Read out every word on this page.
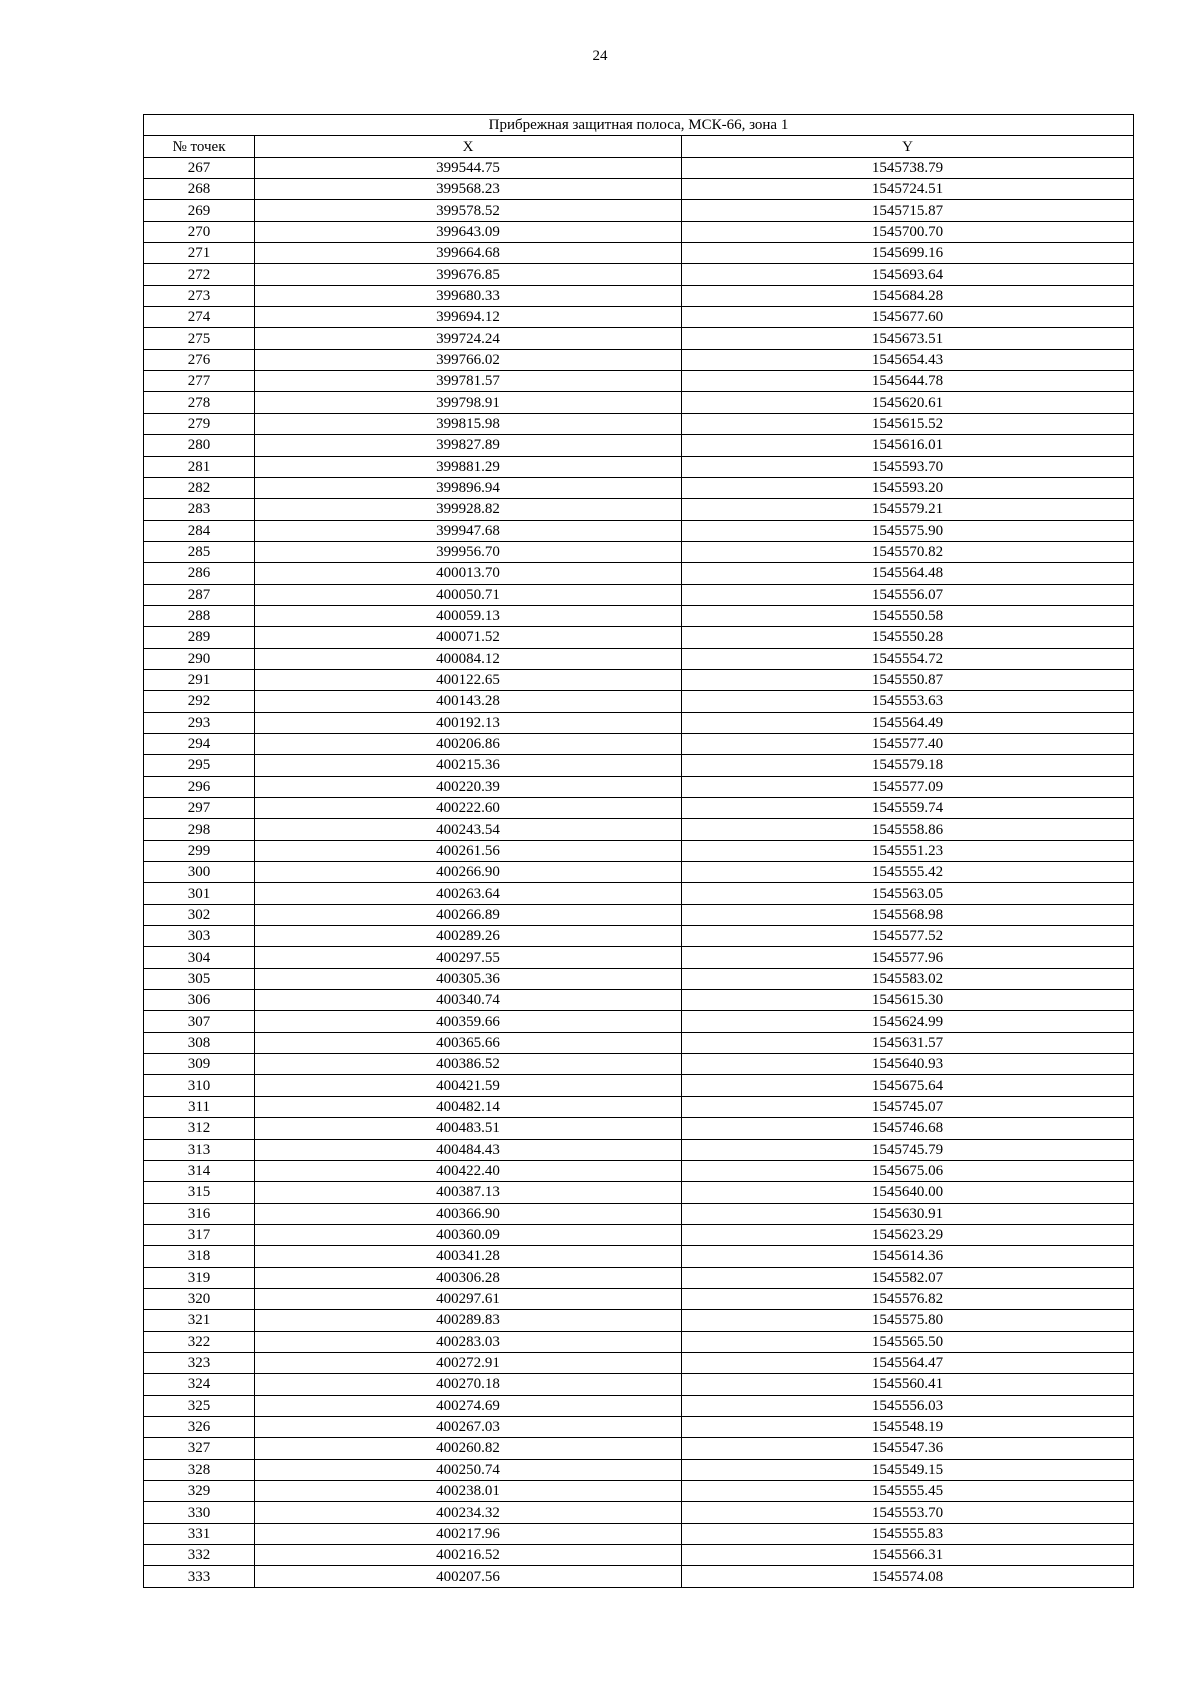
24
Прибрежная защитная полоса, МСК-66, зона 1		
№ точек	X	Y
267	399544.75	1545738.79
268	399568.23	1545724.51
269	399578.52	1545715.87
270	399643.09	1545700.70
271	399664.68	1545699.16
272	399676.85	1545693.64
273	399680.33	1545684.28
274	399694.12	1545677.60
275	399724.24	1545673.51
276	399766.02	1545654.43
277	399781.57	1545644.78
278	399798.91	1545620.61
279	399815.98	1545615.52
280	399827.89	1545616.01
281	399881.29	1545593.70
282	399896.94	1545593.20
283	399928.82	1545579.21
284	399947.68	1545575.90
285	399956.70	1545570.82
286	400013.70	1545564.48
287	400050.71	1545556.07
288	400059.13	1545550.58
289	400071.52	1545550.28
290	400084.12	1545554.72
291	400122.65	1545550.87
292	400143.28	1545553.63
293	400192.13	1545564.49
294	400206.86	1545577.40
295	400215.36	1545579.18
296	400220.39	1545577.09
297	400222.60	1545559.74
298	400243.54	1545558.86
299	400261.56	1545551.23
300	400266.90	1545555.42
301	400263.64	1545563.05
302	400266.89	1545568.98
303	400289.26	1545577.52
304	400297.55	1545577.96
305	400305.36	1545583.02
306	400340.74	1545615.30
307	400359.66	1545624.99
308	400365.66	1545631.57
309	400386.52	1545640.93
310	400421.59	1545675.64
311	400482.14	1545745.07
312	400483.51	1545746.68
313	400484.43	1545745.79
314	400422.40	1545675.06
315	400387.13	1545640.00
316	400366.90	1545630.91
317	400360.09	1545623.29
318	400341.28	1545614.36
319	400306.28	1545582.07
320	400297.61	1545576.82
321	400289.83	1545575.80
322	400283.03	1545565.50
323	400272.91	1545564.47
324	400270.18	1545560.41
325	400274.69	1545556.03
326	400267.03	1545548.19
327	400260.82	1545547.36
328	400250.74	1545549.15
329	400238.01	1545555.45
330	400234.32	1545553.70
331	400217.96	1545555.83
332	400216.52	1545566.31
333	400207.56	1545574.08
